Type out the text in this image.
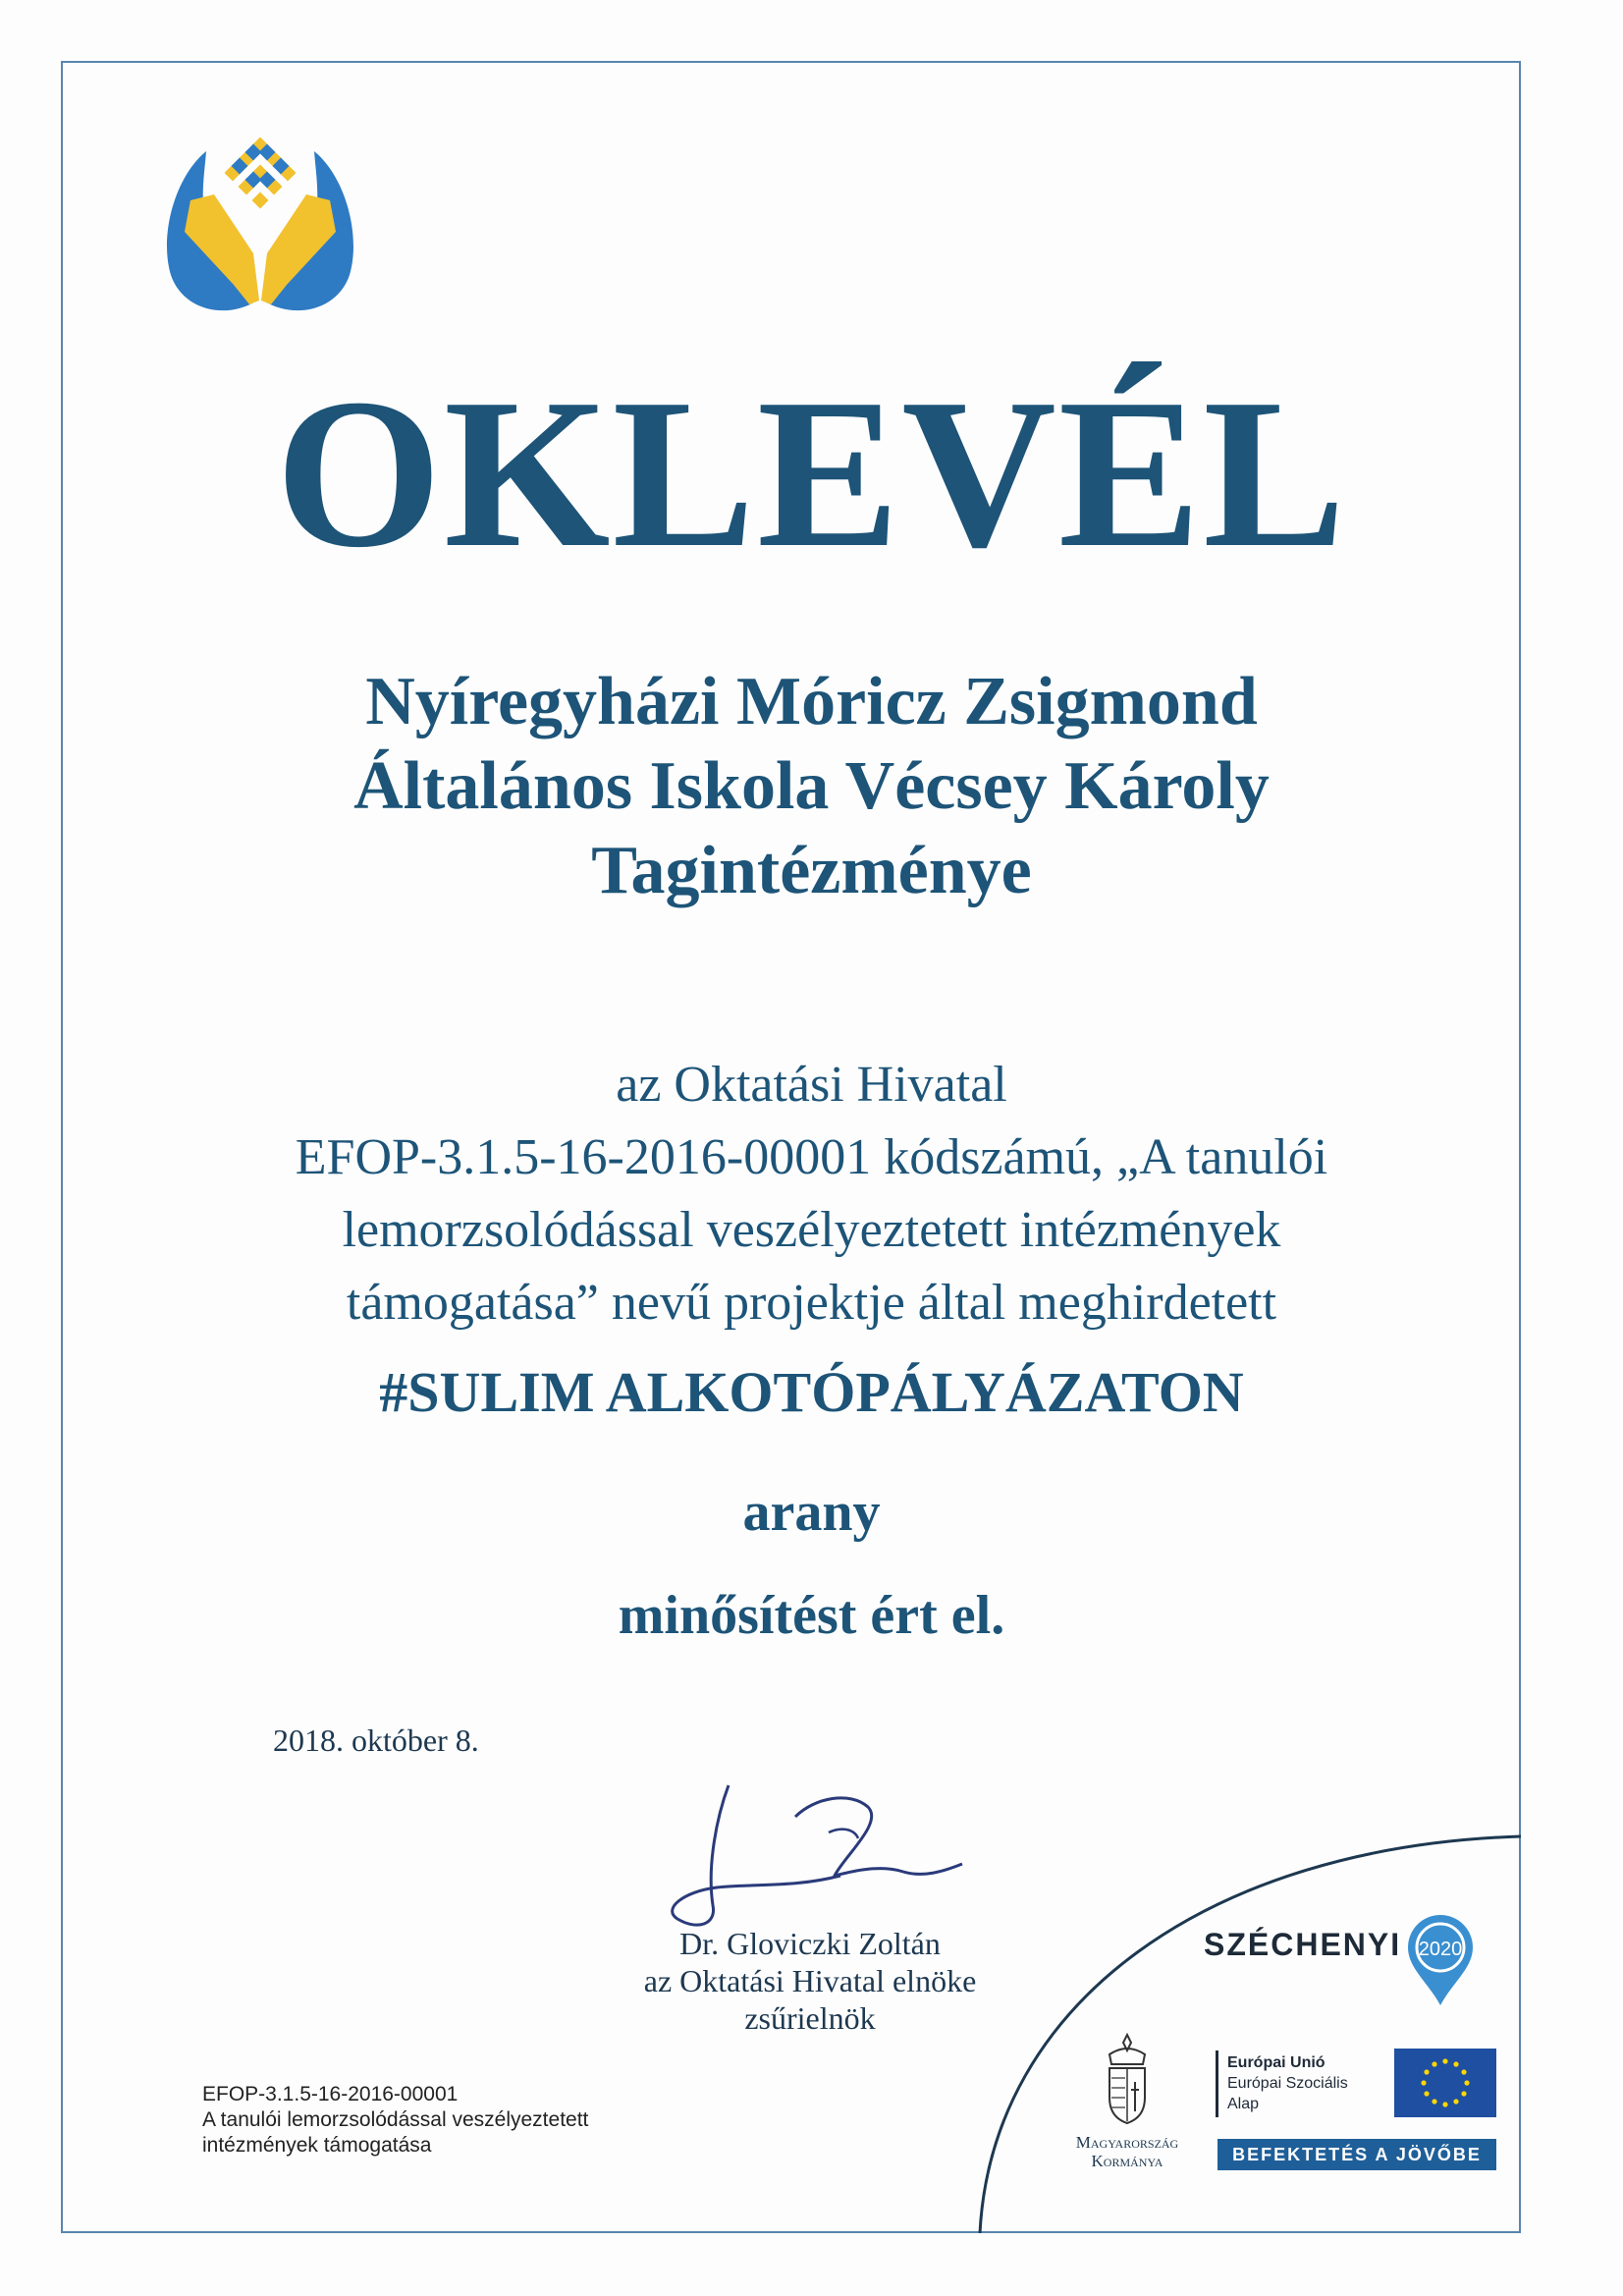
OKLEVÉL
Nyíregyházi Móricz Zsigmond
Általános Iskola Vécsey Károly
Tagintézménye
az Oktatási Hivatal
EFOP-3.1.5-16-2016-00001 kódszámú, „A tanulói
lemorzsolódással veszélyeztetett intézmények
támogatása” nevű projektje által meghirdetett
#SULIM ALKOTÓPÁLYÁZATON
arany
minősítést ért el.
2018. október 8.
Dr. Gloviczki Zoltán
az Oktatási Hivatal elnöke
zsűrielnök
EFOP-3.1.5-16-2016-00001
A tanulói lemorzsolódással veszélyeztetett
intézmények támogatása
SZÉCHENYI 2020
Magyarország
Kormánya
Európai Unió
Európai Szociális
Alap
BEFEKTETÉS A JÖVŐBE
